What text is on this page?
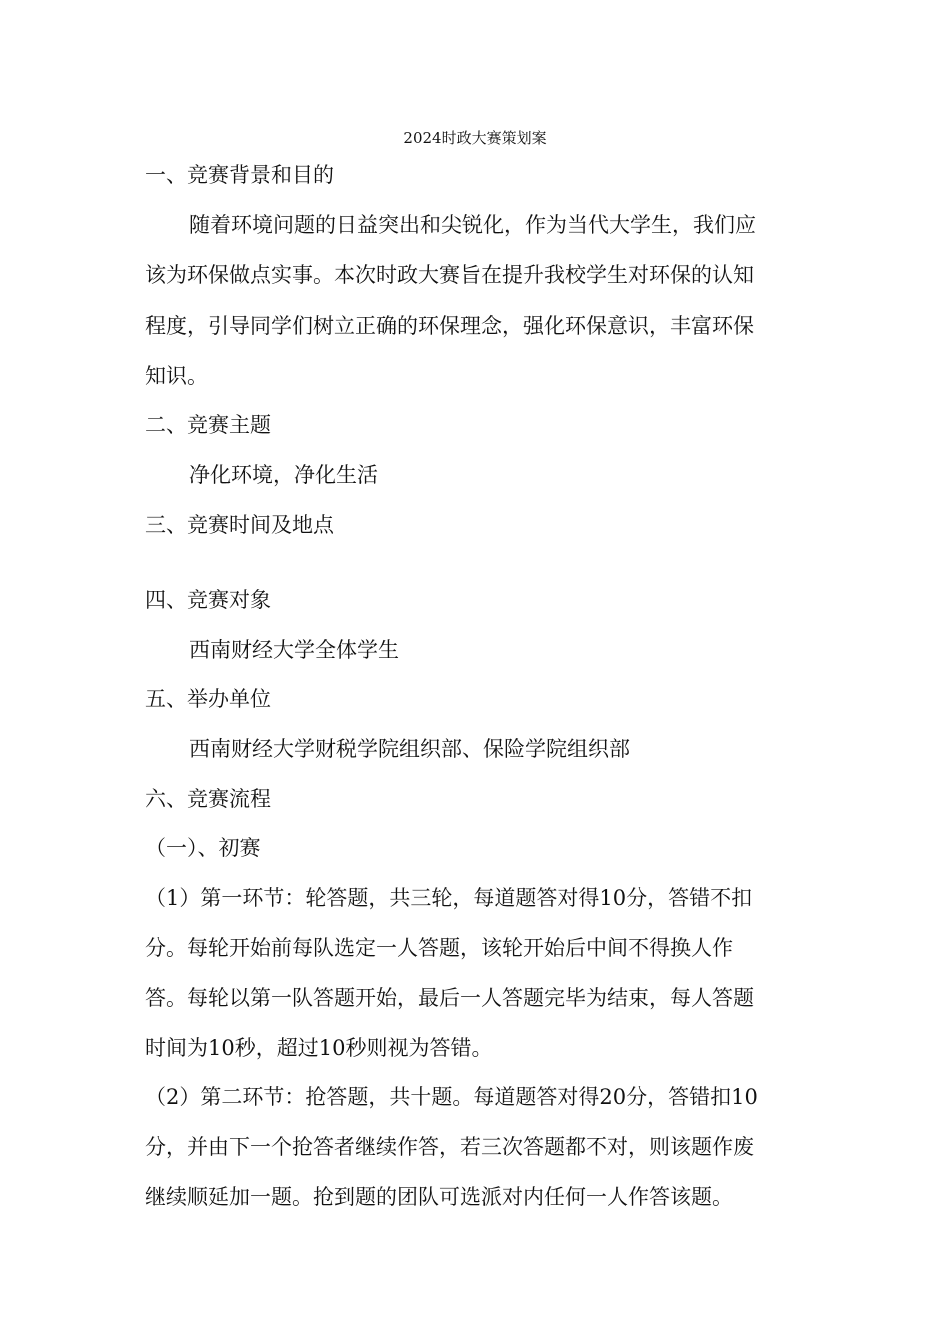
2024时政大赛策划案
一、竞赛背景和目的
随着环境问题的日益突出和尖锐化，作为当代大学生，我们应
该为环保做点实事。本次时政大赛旨在提升我校学生对环保的认知
程度，引导同学们树立正确的环保理念，强化环保意识，丰富环保
知识。
二、竞赛主题
净化环境，净化生活
三、竞赛时间及地点
四、竞赛对象
西南财经大学全体学生
五、举办单位
西南财经大学财税学院组织部、保险学院组织部
六、竞赛流程
（一）、初赛
（1）第一环节：轮答题，共三轮，每道题答对得10分，答错不扣
分。每轮开始前每队选定一人答题，该轮开始后中间不得换人作
答。每轮以第一队答题开始，最后一人答题完毕为结束，每人答题
时间为10秒，超过10秒则视为答错。
（2）第二环节：抢答题，共十题。每道题答对得20分，答错扣10
分，并由下一个抢答者继续作答，若三次答题都不对，则该题作废
继续顺延加一题。抢到题的团队可选派对内任何一人作答该题。
